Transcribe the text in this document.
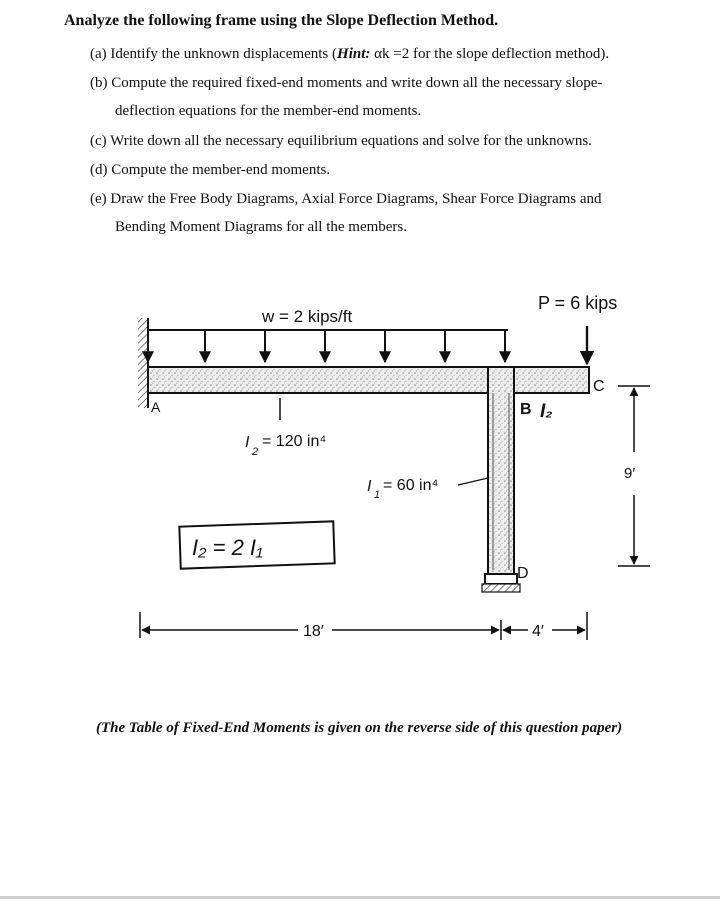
Analyze the following frame using the Slope Deflection Method.
(a) Identify the unknown displacements (Hint: αk =2 for the slope deflection method).
(b) Compute the required fixed-end moments and write down all the necessary slope-
deflection equations for the member-end moments.
(c) Write down all the necessary equilibrium equations and solve for the unknowns.
(d) Compute the member-end moments.
(e) Draw the Free Body Diagrams, Axial Force Diagrams, Shear Force Diagrams and
Bending Moment Diagrams for all the members.
w = 2 kips/ft
P = 6 kips
A	B I₂
C
D
I
2
= 120 in⁴
I 1
= 60 in⁴
I₂ = 2 I₁
9′
18′	4′
(The Table of Fixed-End Moments is given on the reverse side of this question paper)
